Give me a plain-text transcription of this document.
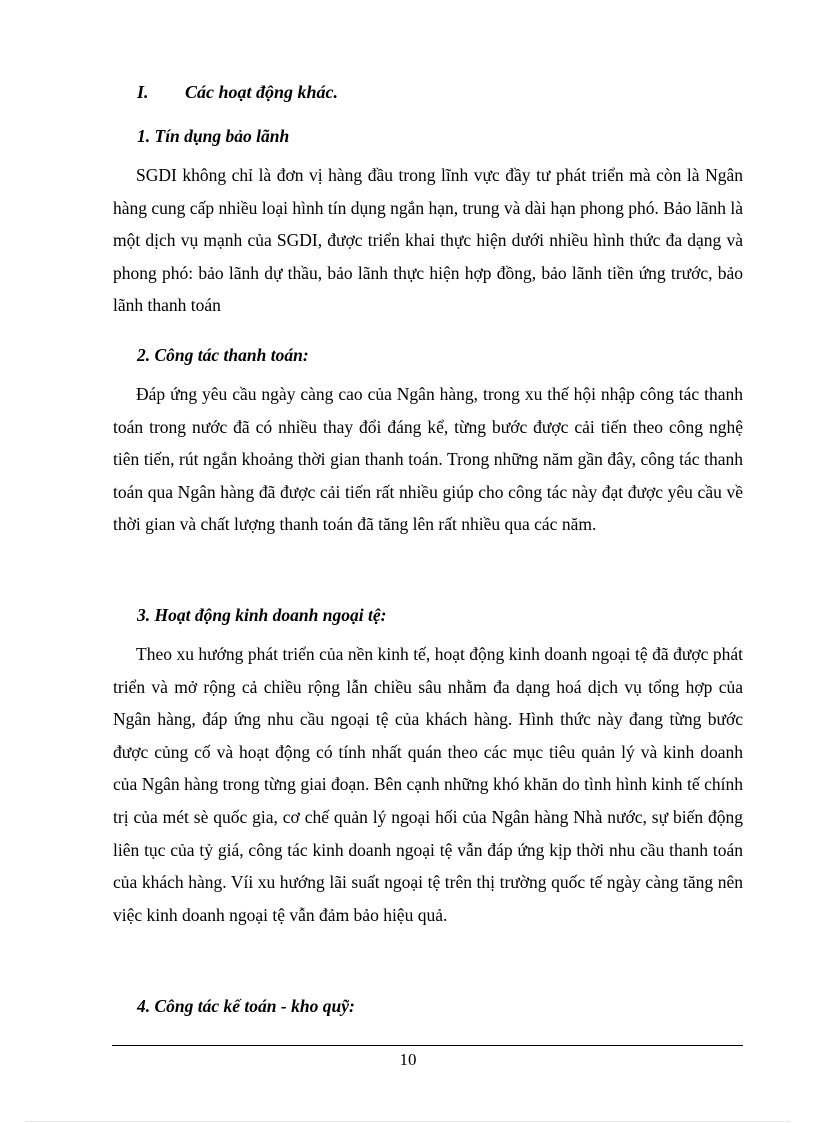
I. Các hoạt động khác.
1. Tín dụng bảo lãnh

SGDI không chỉ là đơn vị hàng đầu trong lĩnh vực đầy tư phát triển mà còn là Ngân hàng cung cấp nhiều loại hình tín dụng ngắn hạn, trung và dài hạn phong phó. Bảo lãnh là một dịch vụ mạnh của SGDI, được triển khai thực hiện dưới nhiều hình thức đa dạng và phong phó: bảo lãnh dự thầu, bảo lãnh thực hiện hợp đồng, bảo lãnh tiền ứng trước, bảo lãnh thanh toán

2. Công tác thanh toán:

Đáp ứng yêu cầu ngày càng cao của Ngân hàng, trong xu thế hội nhập công tác thanh toán trong nước đã có nhiều thay đổi đáng kể, từng bước được cải tiến theo công nghệ tiên tiến, rút ngắn khoảng thời gian thanh toán. Trong những năm gần đây, công tác thanh toán qua Ngân hàng đã được cải tiến rất nhiều giúp cho công tác này đạt được yêu cầu về thời gian và chất lượng thanh toán đã tăng lên rất nhiều qua các năm.

3. Hoạt động kinh doanh ngoại tệ:

Theo xu hướng phát triển của nền kinh tế, hoạt động kinh doanh ngoại tệ đã được phát triển và mở rộng cả chiều rộng lẫn chiều sâu nhằm đa dạng hoá dịch vụ tổng hợp của Ngân hàng, đáp ứng nhu cầu ngoại tệ của khách hàng. Hình thức này đang từng bước được củng cố và hoạt động có tính nhất quán theo các mục tiêu quản lý và kinh doanh của Ngân hàng trong từng giai đoạn. Bên cạnh những khó khăn do tình hình kinh tế chính trị của mét sè quốc gia, cơ chế quản lý ngoại hối của Ngân hàng Nhà nước, sự biến động liên tục của tỷ giá, công tác kinh doanh ngoại tệ vẫn đáp ứng kịp thời nhu cầu thanh toán của khách hàng. Víi xu hướng lãi suất ngoại tệ trên thị trường quốc tế ngày càng tăng nên việc kinh doanh ngoại tệ vẫn đảm bảo hiệu quả.

4. Công tác kế toán - kho quỹ:
10
